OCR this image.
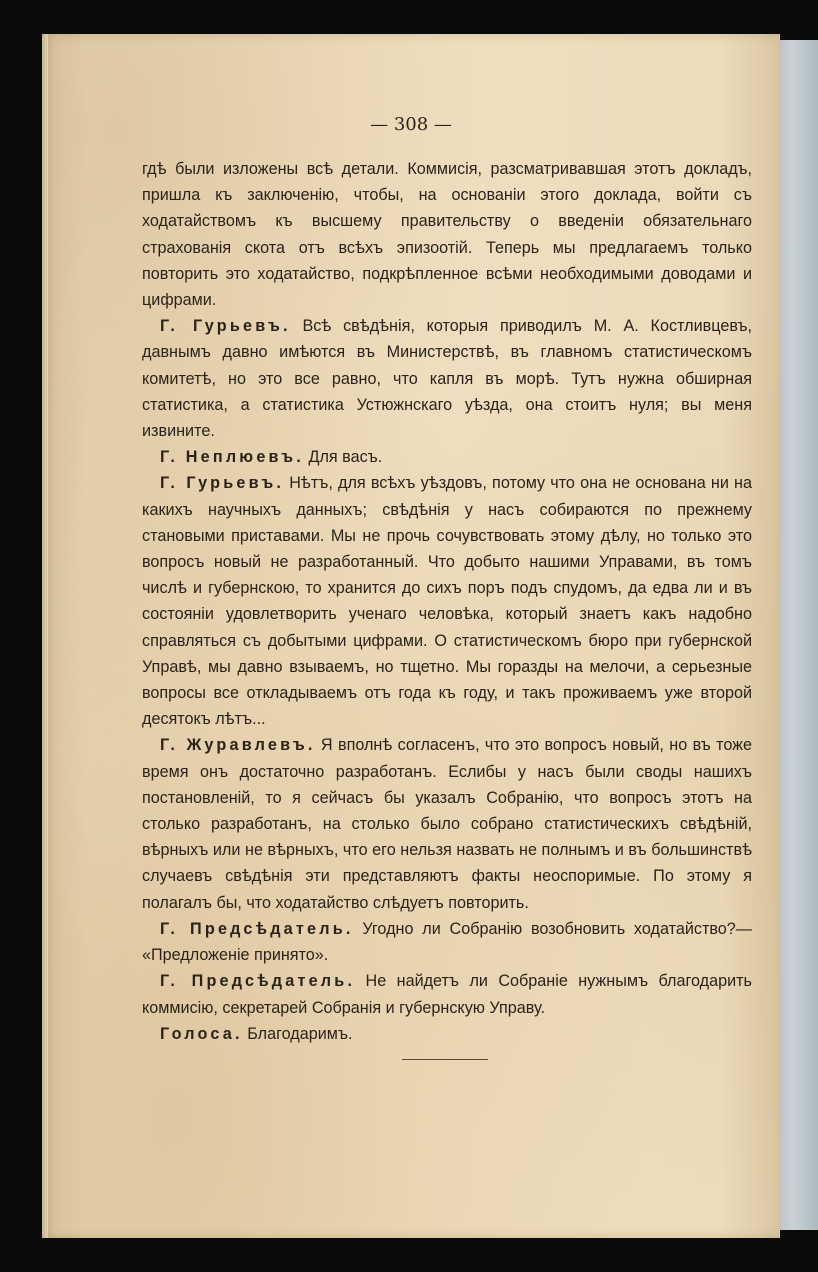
— 308 —

гдѣ были изложены всѣ детали. Коммисія, разсматривавшая этотъ докладъ, пришла къ заключенію, чтобы, на основаніи этого доклада, войти съ ходатайствомъ къ высшему правительству о введеніи обязательнаго страхованія скота отъ всѣхъ эпизоотій. Теперь мы предлагаемъ только повторить это ходатайство, подкрѣпленное всѣми необходимыми доводами и цифрами.

Г. Гурьевъ. Всѣ свѣдѣнія, которыя приводилъ М. А. Костливцевъ, давнымъ давно имѣются въ Министерствѣ, въ главномъ статистическомъ комитетѣ, но это все равно, что капля въ морѣ. Тутъ нужна обширная статистика, а статистика Устюжнскаго уѣзда, она стоитъ нуля; вы меня извините.

Г. Неплюевъ. Для васъ.

Г. Гурьевъ. Нѣтъ, для всѣхъ уѣздовъ, потому что она не основана ни на какихъ научныхъ данныхъ; свѣдѣнія у насъ собираются по прежнему становыми приставами. Мы не прочь сочувствовать этому дѣлу, но только это вопросъ новый не разработанный. Что добыто нашими Управами, въ томъ числѣ и губернскою, то хранится до сихъ поръ подъ спудомъ, да едва ли и въ состояніи удовлетворить ученаго человѣка, который знаетъ какъ надобно справляться съ добытыми цифрами. О статистическомъ бюро при губернской Управѣ, мы давно взываемъ, но тщетно. Мы горазды на мелочи, а серьезные вопросы все откладываемъ отъ года къ году, и такъ проживаемъ уже второй десятокъ лѣтъ...

Г. Журавлевъ. Я вполнѣ согласенъ, что это вопросъ новый, но въ тоже время онъ достаточно разработанъ. Еслибы у насъ были своды нашихъ постановленій, то я сейчасъ бы указалъ Собранію, что вопросъ этотъ на столько разработанъ, на столько было собрано статистическихъ свѣдѣній, вѣрныхъ или не вѣрныхъ, что его нельзя назвать не полнымъ и въ большинствѣ случаевъ свѣдѣнія эти представляютъ факты неоспоримые. По этому я полагалъ бы, что ходатайство слѣдуетъ повторить.

Г. Предсѣдатель. Угодно ли Собранію возобновить ходатайство?— «Предложеніе принято».

Г. Предсѣдатель. Не найдетъ ли Собраніе нужнымъ благодарить коммисію, секретарей Собранія и губернскую Управу.

Голоса. Благодаримъ.
